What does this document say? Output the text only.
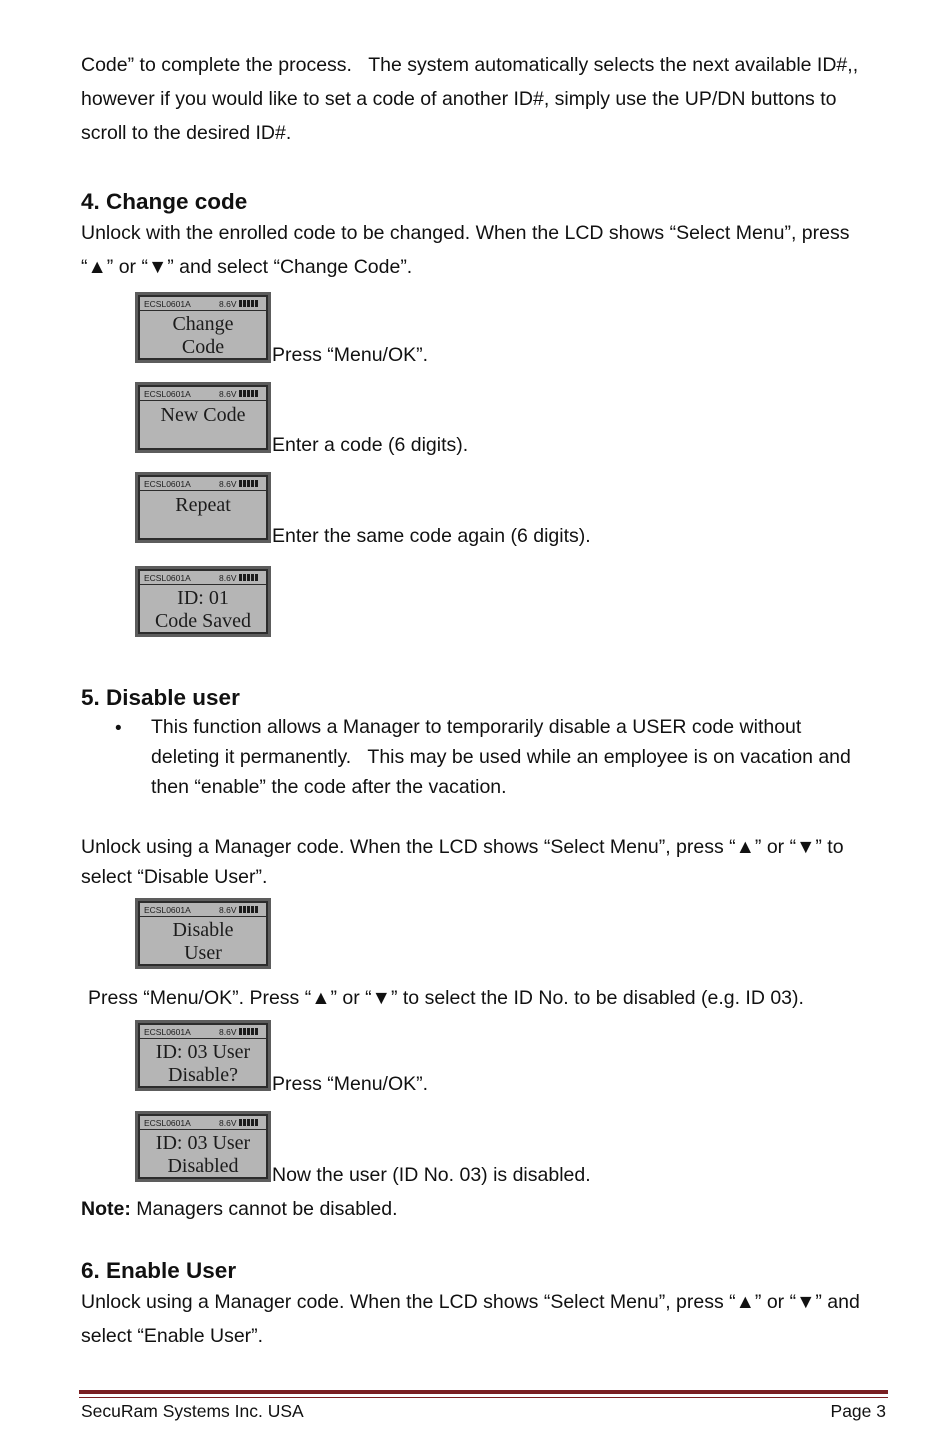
Code” to complete the process.   The system automatically selects the next available ID#,,
however if you would like to set a code of another ID#, simply use the UP/DN buttons to
scroll to the desired ID#.
4. Change code
Unlock with the enrolled code to be changed. When the LCD shows “Select Menu”, press
“▲” or “▼” and select “Change Code”.
ECSL0601A	8.6V
Change
Code	Press “Menu/OK”.
ECSL0601A	8.6V
New Code
Enter a code (6 digits).
ECSL0601A	8.6V
Repeat
Enter the same code again (6 digits).
ECSL0601A	8.6V
ID: 01
Code Saved
5. Disable user
• This function allows a Manager to temporarily disable a USER code without
deleting it permanently.   This may be used while an employee is on vacation and
then “enable” the code after the vacation.
Unlock using a Manager code. When the LCD shows “Select Menu”, press “▲” or “▼” to
select “Disable User”.
ECSL0601A	8.6V
Disable
User
Press “Menu/OK”. Press “▲” or “▼” to select the ID No. to be disabled (e.g. ID 03).
ECSL0601A	8.6V
ID: 03 User
Disable?	Press “Menu/OK”.
ECSL0601A	8.6V
ID: 03 User
Disabled	Now the user (ID No. 03) is disabled.
Note: Managers cannot be disabled.
6. Enable User
Unlock using a Manager code. When the LCD shows “Select Menu”, press “▲” or “▼” and
select “Enable User”.
SecuRam Systems Inc. USA	Page 3
